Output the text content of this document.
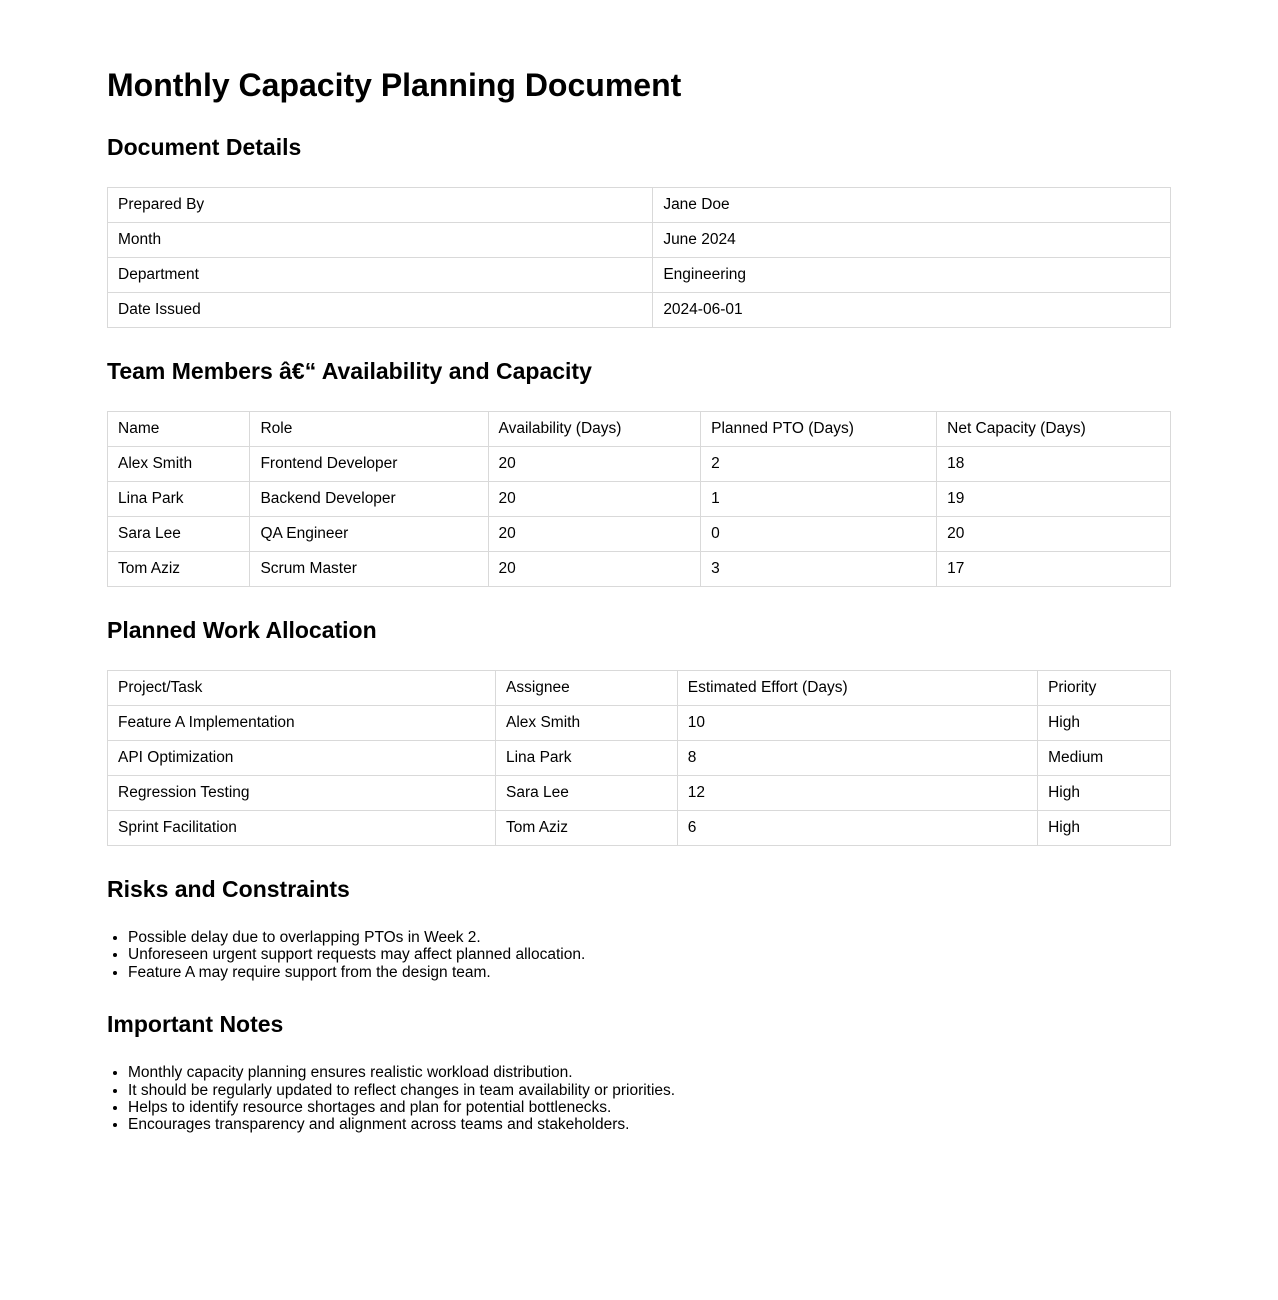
Monthly Capacity Planning Document
Document Details
Prepared By	Jane Doe
Month	June 2024
Department	Engineering
Date Issued	2024-06-01
Team Members â€“ Availability and Capacity
Name	Role	Availability (Days)	Planned PTO (Days)	Net Capacity (Days)
Alex Smith	Frontend Developer	20	2	18
Lina Park	Backend Developer	20	1	19
Sara Lee	QA Engineer	20	0	20
Tom Aziz	Scrum Master	20	3	17
Planned Work Allocation
Project/Task	Assignee	Estimated Effort (Days)	Priority
Feature A Implementation	Alex Smith	10	High
API Optimization	Lina Park	8	Medium
Regression Testing	Sara Lee	12	High
Sprint Facilitation	Tom Aziz	6	High
Risks and Constraints
• Possible delay due to overlapping PTOs in Week 2.
• Unforeseen urgent support requests may affect planned allocation.
• Feature A may require support from the design team.
Important Notes
• Monthly capacity planning ensures realistic workload distribution.
• It should be regularly updated to reflect changes in team availability or priorities.
• Helps to identify resource shortages and plan for potential bottlenecks.
• Encourages transparency and alignment across teams and stakeholders.
